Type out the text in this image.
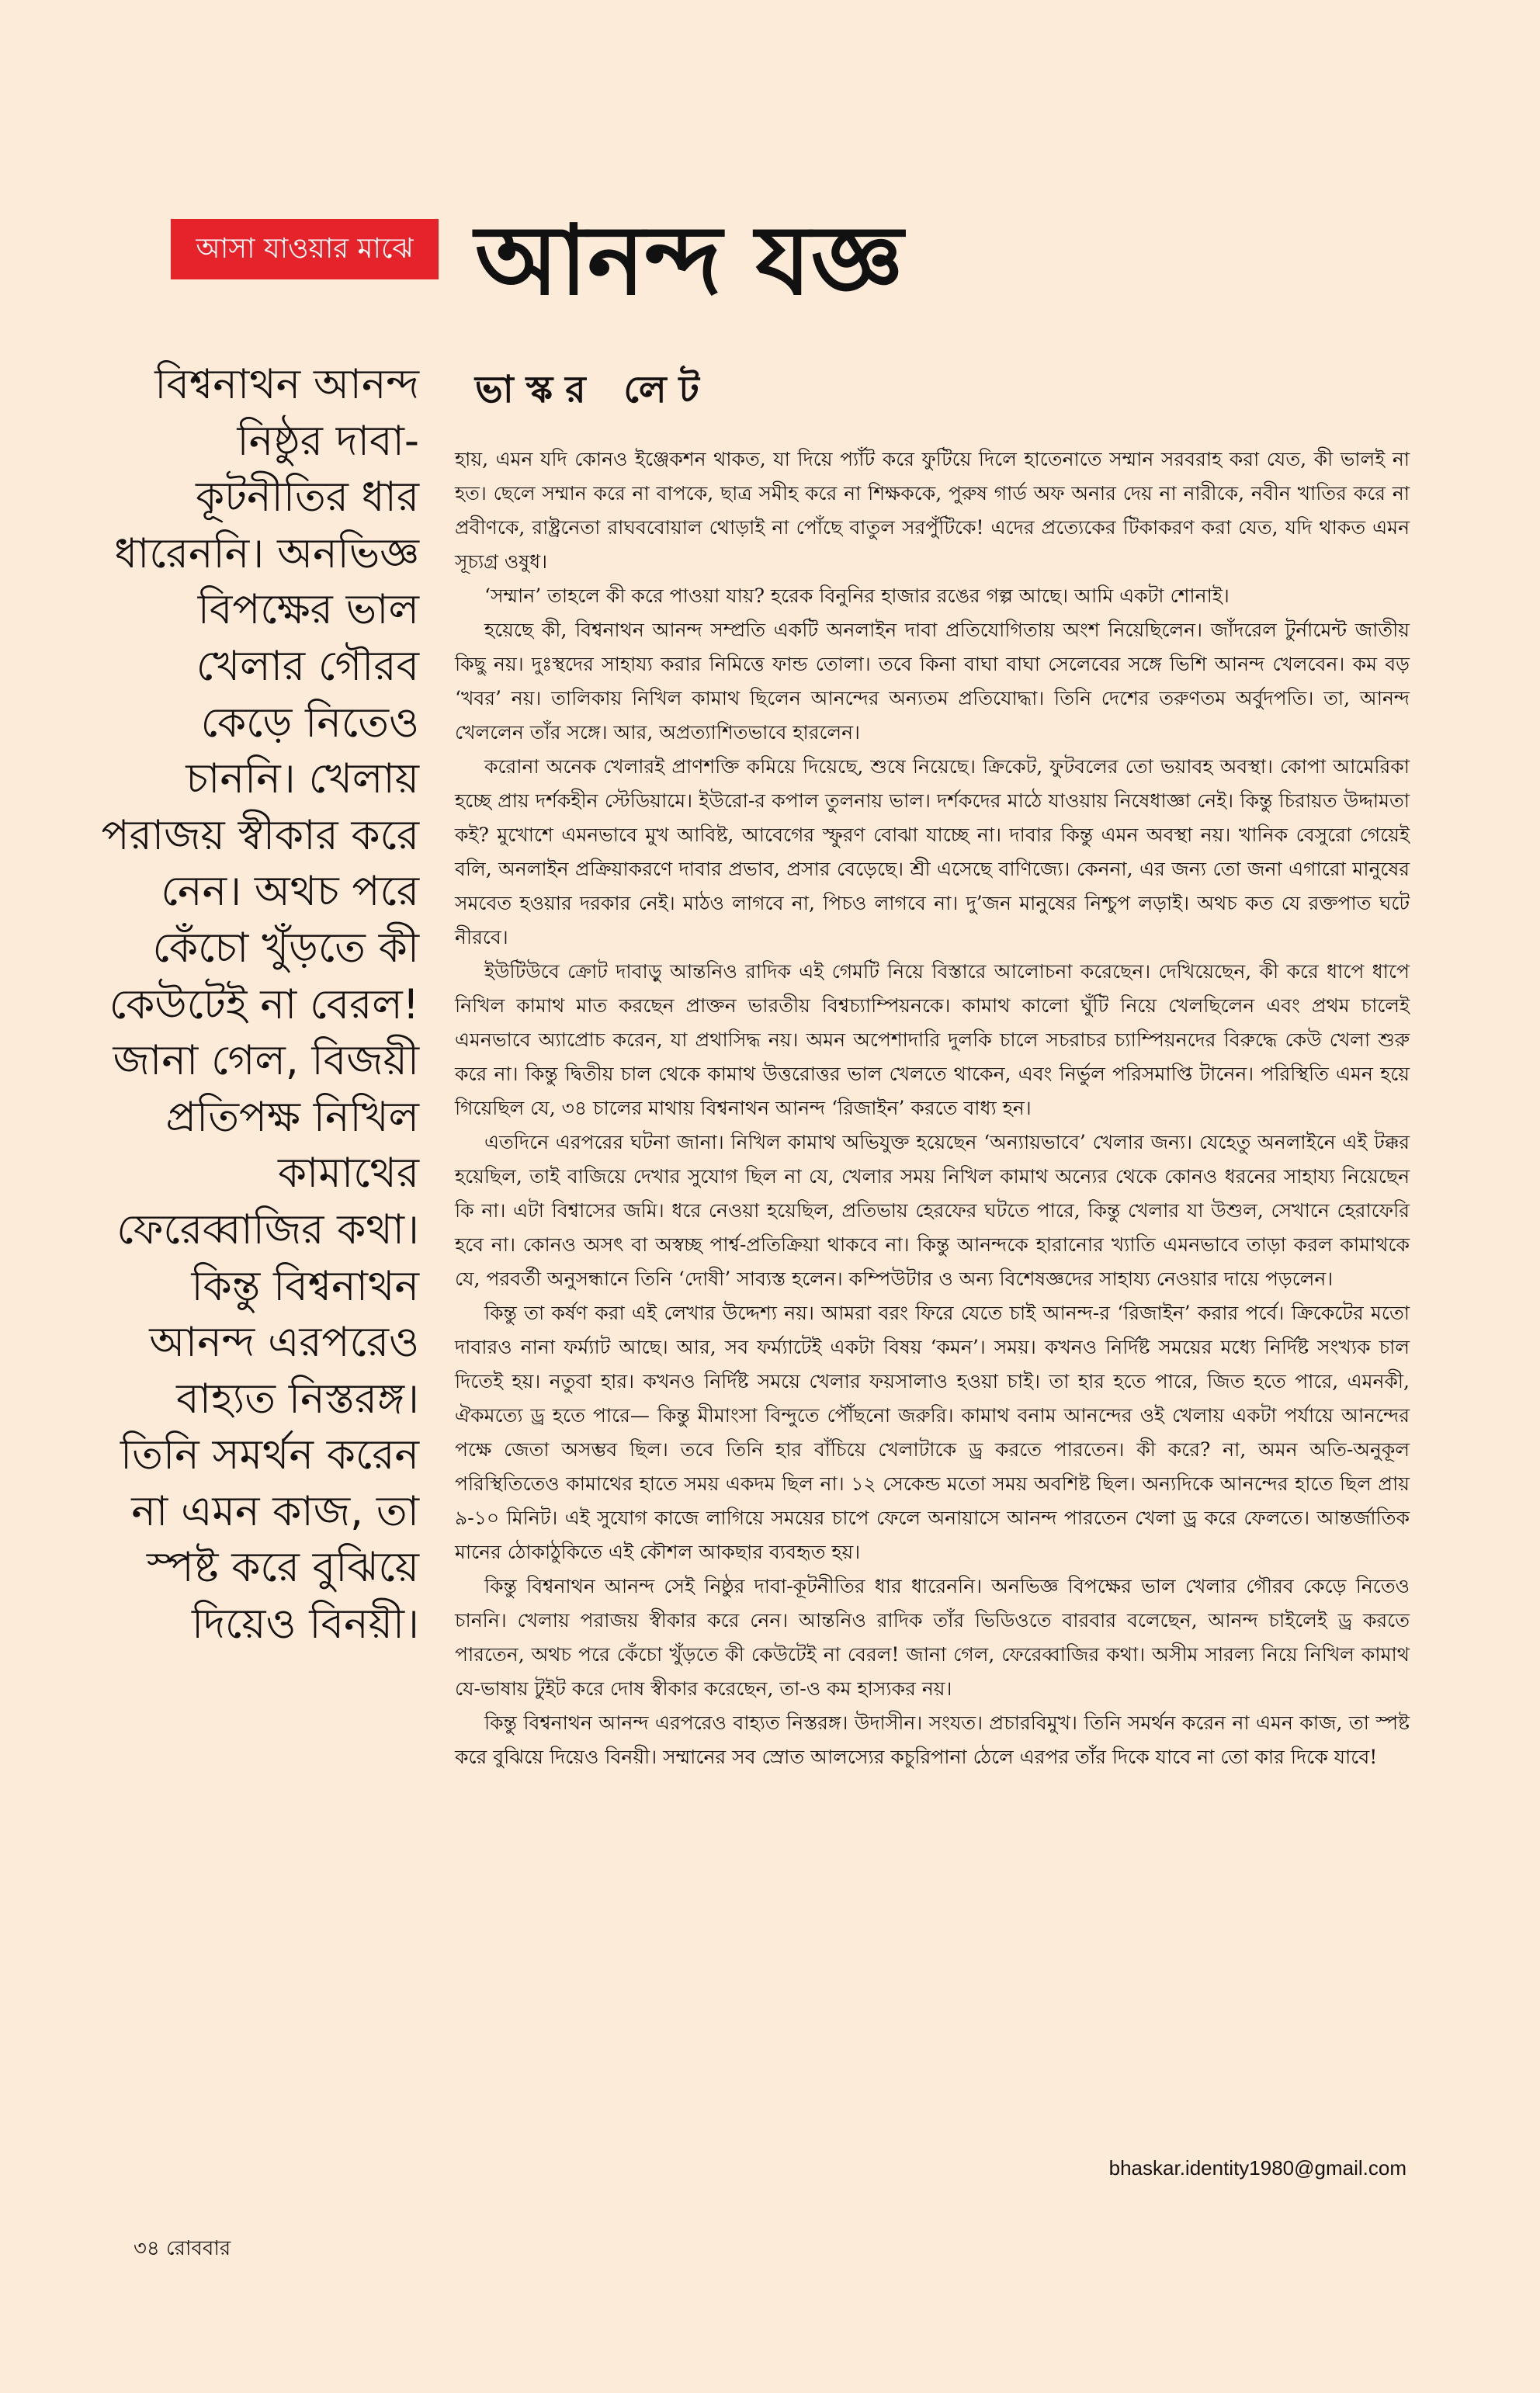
আসা যাওয়ার মাঝে আনন্দ যজ্ঞ
ভাস্কর লেট
বিশ্বনাথন আনন্দ নিষ্ঠুর দাবা-কূটনীতির ধার ধারেননি। অনভিজ্ঞ বিপক্ষের ভাল খেলার গৌরব কেড়ে নিতেও চাননি। খেলায় পরাজয় স্বীকার করে নেন। অথচ পরে কেঁচো খুঁড়তে কী কেউটেই না বেরল! জানা গেল, বিজয়ী প্রতিপক্ষ নিখিল কামাথের ফেরেব্বাজির কথা। কিন্তু বিশ্বনাথন আনন্দ এরপরেও বাহ্যত নিস্তরঙ্গ। তিনি সমর্থন করেন না এমন কাজ, তা স্পষ্ট করে বুঝিয়ে দিয়েও বিনয়ী।

হায়, এমন যদি কোনও ইঞ্জেকশন থাকত, যা দিয়ে প্যাঁট করে ফুটিয়ে দিলে হাতেনাতে সম্মান সরবরাহ করা যেত, কী ভালই না হত। ছেলে সম্মান করে না বাপকে, ছাত্র সমীহ করে না শিক্ষককে, পুরুষ গার্ড অফ অনার দেয় না নারীকে, নবীন খাতির করে না প্রবীণকে, রাষ্ট্রনেতা রাঘববোয়াল থোড়াই না পোঁছে বাতুল সরপুঁটিকে! এদের প্রত্যেকের টিকাকরণ করা যেত, যদি থাকত এমন সূচ্যগ্র ওষুধ।

‘সম্মান’ তাহলে কী করে পাওয়া যায়? হরেক বিনুনির হাজার রঙের গল্প আছে। আমি একটা শোনাই।

হয়েছে কী, বিশ্বনাথন আনন্দ সম্প্রতি একটি অনলাইন দাবা প্রতিযোগিতায় অংশ নিয়েছিলেন। জাঁদরেল টুর্নামেন্ট জাতীয় কিছু নয়। দুঃস্থদের সাহায্য করার নিমিত্তে ফান্ড তোলা। তবে কিনা বাঘা বাঘা সেলেবের সঙ্গে ভিশি আনন্দ খেলবেন। কম বড় ‘খবর’ নয়। তালিকায় নিখিল কামাথ ছিলেন আনন্দের অন্যতম প্রতিযোদ্ধা। তিনি দেশের তরুণতম অর্বুদপতি। তা, আনন্দ খেললেন তাঁর সঙ্গে। আর, অপ্রত্যাশিতভাবে হারলেন।

করোনা অনেক খেলারই প্রাণশক্তি কমিয়ে দিয়েছে, শুষে নিয়েছে। ক্রিকেট, ফুটবলের তো ভয়াবহ অবস্থা। কোপা আমেরিকা হচ্ছে প্রায় দর্শকহীন স্টেডিয়ামে। ইউরো-র কপাল তুলনায় ভাল। দর্শকদের মাঠে যাওয়ায় নিষেধাজ্ঞা নেই। কিন্তু চিরায়ত উদ্দামতা কই? মুখোশে এমনভাবে মুখ আবিষ্ট, আবেগের স্ফুরণ বোঝা যাচ্ছে না। দাবার কিন্তু এমন অবস্থা নয়। খানিক বেসুরো গেয়েই বলি, অনলাইন প্রক্রিয়াকরণে দাবার প্রভাব, প্রসার বেড়েছে। শ্রী এসেছে বাণিজ্যে। কেননা, এর জন্য তো জনা এগারো মানুষের সমবেত হওয়ার দরকার নেই। মাঠও লাগবে না, পিচও লাগবে না। দু’জন মানুষের নিশ্চুপ লড়াই। অথচ কত যে রক্তপাত ঘটে নীরবে।

ইউটিউবে ক্রোট দাবাড়ু আন্তনিও রাদিক এই গেমটি নিয়ে বিস্তারে আলোচনা করেছেন। দেখিয়েছেন, কী করে ধাপে ধাপে নিখিল কামাথ মাত করছেন প্রাক্তন ভারতীয় বিশ্বচ্যাম্পিয়নকে। কামাথ কালো ঘুঁটি নিয়ে খেলছিলেন এবং প্রথম চালেই এমনভাবে অ্যাপ্রোচ করেন, যা প্রথাসিদ্ধ নয়। অমন অপেশাদারি দুলকি চালে সচরাচর চ্যাম্পিয়নদের বিরুদ্ধে কেউ খেলা শুরু করে না। কিন্তু দ্বিতীয় চাল থেকে কামাথ উত্তরোত্তর ভাল খেলতে থাকেন, এবং নির্ভুল পরিসমাপ্তি টানেন। পরিস্থিতি এমন হয়ে গিয়েছিল যে, ৩৪ চালের মাথায় বিশ্বনাথন আনন্দ ‘রিজাইন’ করতে বাধ্য হন।

এতদিনে এরপরের ঘটনা জানা। নিখিল কামাথ অভিযুক্ত হয়েছেন ‘অন্যায়ভাবে’ খেলার জন্য। যেহেতু অনলাইনে এই টক্কর হয়েছিল, তাই বাজিয়ে দেখার সুযোগ ছিল না যে, খেলার সময় নিখিল কামাথ অন্যের থেকে কোনও ধরনের সাহায্য নিয়েছেন কি না। এটা বিশ্বাসের জমি। ধরে নেওয়া হয়েছিল, প্রতিভায় হেরফের ঘটতে পারে, কিন্তু খেলার যা উশুল, সেখানে হেরাফেরি হবে না। কোনও অসৎ বা অস্বচ্ছ পার্শ্ব-প্রতিক্রিয়া থাকবে না। কিন্তু আনন্দকে হারানোর খ্যাতি এমনভাবে তাড়া করল কামাথকে যে, পরবর্তী অনুসন্ধানে তিনি ‘দোষী’ সাব্যস্ত হলেন। কম্পিউটার ও অন্য বিশেষজ্ঞদের সাহায্য নেওয়ার দায়ে পড়লেন।

কিন্তু তা কর্ষণ করা এই লেখার উদ্দেশ্য নয়। আমরা বরং ফিরে যেতে চাই আনন্দ-র ‘রিজাইন’ করার পর্বে। ক্রিকেটের মতো দাবারও নানা ফর্ম্যাট আছে। আর, সব ফর্ম্যাটেই একটা বিষয় ‘কমন’। সময়। কখনও নির্দিষ্ট সময়ের মধ্যে নির্দিষ্ট সংখ্যক চাল দিতেই হয়। নতুবা হার। কখনও নির্দিষ্ট সময়ে খেলার ফয়সালাও হওয়া চাই। তা হার হতে পারে, জিত হতে পারে, এমনকী, ঐকমত্যে ড্র হতে পারে— কিন্তু মীমাংসা বিন্দুতে পৌঁছনো জরুরি। কামাথ বনাম আনন্দের ওই খেলায় একটা পর্যায়ে আনন্দের পক্ষে জেতা অসম্ভব ছিল। তবে তিনি হার বাঁচিয়ে খেলাটাকে ড্র করতে পারতেন। কী করে? না, অমন অতি-অনুকূল পরিস্থিতিতেও কামাথের হাতে সময় একদম ছিল না। ১২ সেকেন্ড মতো সময় অবশিষ্ট ছিল। অন্যদিকে আনন্দের হাতে ছিল প্রায় ৯-১০ মিনিট। এই সুযোগ কাজে লাগিয়ে সময়ের চাপে ফেলে অনায়াসে আনন্দ পারতেন খেলা ড্র করে ফেলতে। আন্তর্জাতিক মানের ঠোকাঠুকিতে এই কৌশল আকছার ব্যবহৃত হয়।

কিন্তু বিশ্বনাথন আনন্দ সেই নিষ্ঠুর দাবা-কূটনীতির ধার ধারেননি। অনভিজ্ঞ বিপক্ষের ভাল খেলার গৌরব কেড়ে নিতেও চাননি। খেলায় পরাজয় স্বীকার করে নেন। আন্তনিও রাদিক তাঁর ভিডিওতে বারবার বলেছেন, আনন্দ চাইলেই ড্র করতে পারতেন, অথচ পরে কেঁচো খুঁড়তে কী কেউটেই না বেরল! জানা গেল, ফেরেব্বাজির কথা। অসীম সারল্য নিয়ে নিখিল কামাথ যে-ভাষায় টুইট করে দোষ স্বীকার করেছেন, তা-ও কম হাস্যকর নয়।

কিন্তু বিশ্বনাথন আনন্দ এরপরেও বাহ্যত নিস্তরঙ্গ। উদাসীন। সংযত। প্রচারবিমুখ। তিনি সমর্থন করেন না এমন কাজ, তা স্পষ্ট করে বুঝিয়ে দিয়েও বিনয়ী। সম্মানের সব স্রোত আলস্যের কচুরিপানা ঠেলে এরপর তাঁর দিকে যাবে না তো কার দিকে যাবে!

bhaskar.identity1980@gmail.com
৩৪ রোববার
